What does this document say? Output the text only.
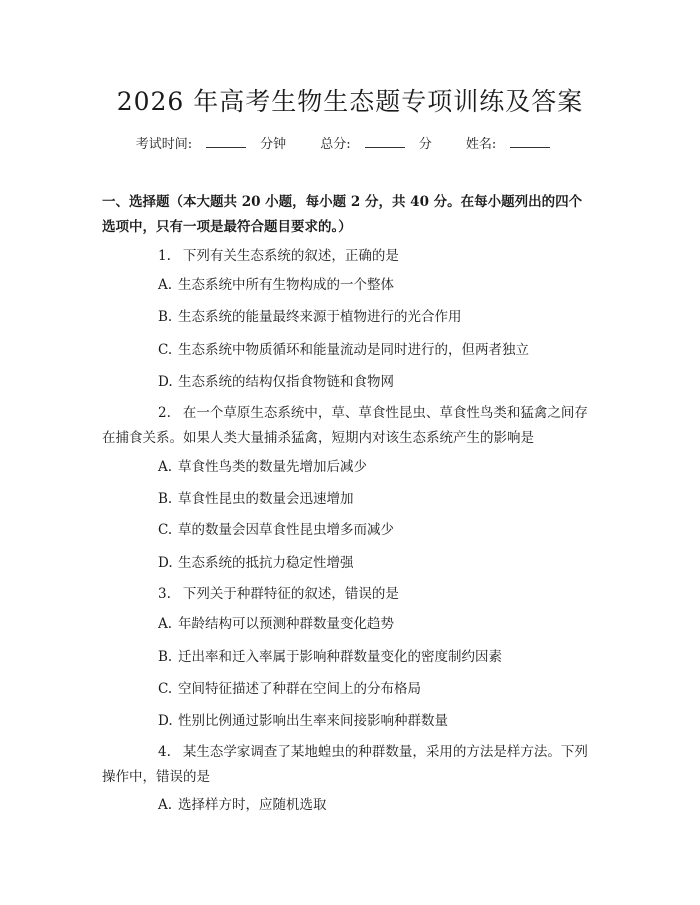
2026 年高考生物生态题专项训练及答案
考试时间:	分钟	总分:	分	姓名:
一、选择题（本大题共 20 小题，每小题 2 分，共 40 分。在每小题列出的四个选项中，只有一项是最符合题目要求的。）
1. 下列有关生态系统的叙述，正确的是
A. 生态系统中所有生物构成的一个整体
B. 生态系统的能量最终来源于植物进行的光合作用
C. 生态系统中物质循环和能量流动是同时进行的，但两者独立
D. 生态系统的结构仅指食物链和食物网
2. 在一个草原生态系统中，草、草食性昆虫、草食性鸟类和猛禽之间存在捕食关系。如果人类大量捕杀猛禽，短期内对该生态系统产生的影响是
A. 草食性鸟类的数量先增加后减少
B. 草食性昆虫的数量会迅速增加
C. 草的数量会因草食性昆虫增多而减少
D. 生态系统的抵抗力稳定性增强
3. 下列关于种群特征的叙述，错误的是
A. 年龄结构可以预测种群数量变化趋势
B. 迁出率和迁入率属于影响种群数量变化的密度制约因素
C. 空间特征描述了种群在空间上的分布格局
D. 性别比例通过影响出生率来间接影响种群数量
4. 某生态学家调查了某地蝗虫的种群数量，采用的方法是样方法。下列操作中，错误的是
A. 选择样方时，应随机选取
